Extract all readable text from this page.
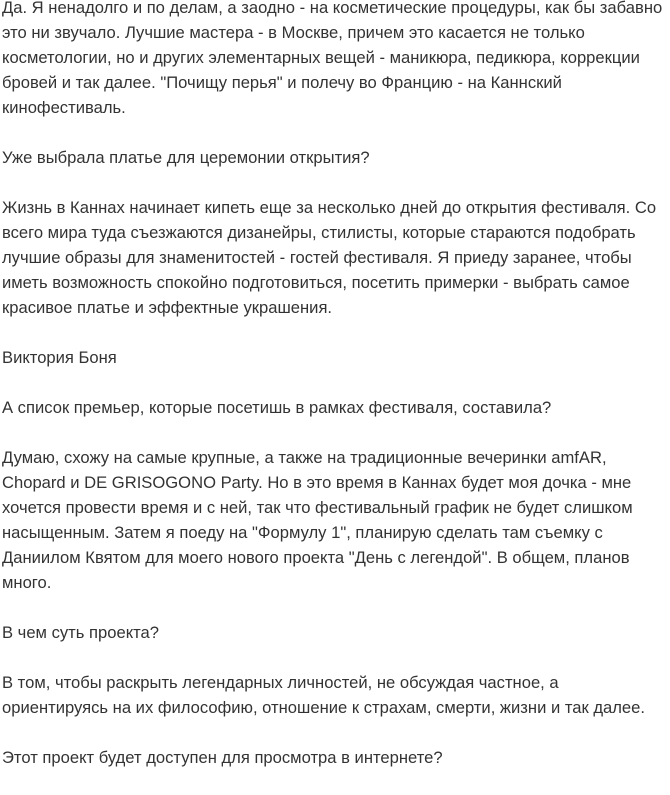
Да. Я ненадолго и по делам, а заодно - на косметические процедуры, как бы забавно это ни звучало. Лучшие мастера - в Москве, причем это касается не только косметологии, но и других элементарных вещей - маникюра, педикюра, коррекции бровей и так далее. "Почищу перья" и полечу во Францию - на Каннский кинофестиваль.

Уже выбрала платье для церемонии открытия?

Жизнь в Каннах начинает кипеть еще за несколько дней до открытия фестиваля. Со всего мира туда съезжаются дизанейры, стилисты, которые стараются подобрать лучшие образы для знаменитостей - гостей фестиваля. Я приеду заранее, чтобы иметь возможность спокойно подготовиться, посетить примерки - выбрать самое красивое платье и эффектные украшения.

Виктория Боня

А список премьер, которые посетишь в рамках фестиваля, составила?

Думаю, схожу на самые крупные, а также на традиционные вечеринки amfAR, Chopard и DE GRISOGONO Party. Но в это время в Каннах будет моя дочка - мне хочется провести время и с ней, так что фестивальный график не будет слишком насыщенным. Затем я поеду на "Формулу 1", планирую сделать там съемку с Даниилом Квятом для моего нового проекта "День с легендой". В общем, планов много.

В чем суть проекта?

В том, чтобы раскрыть легендарных личностей, не обсуждая частное, а ориентируясь на их философию, отношение к страхам, смерти, жизни и так далее.

Этот проект будет доступен для просмотра в интернете?
